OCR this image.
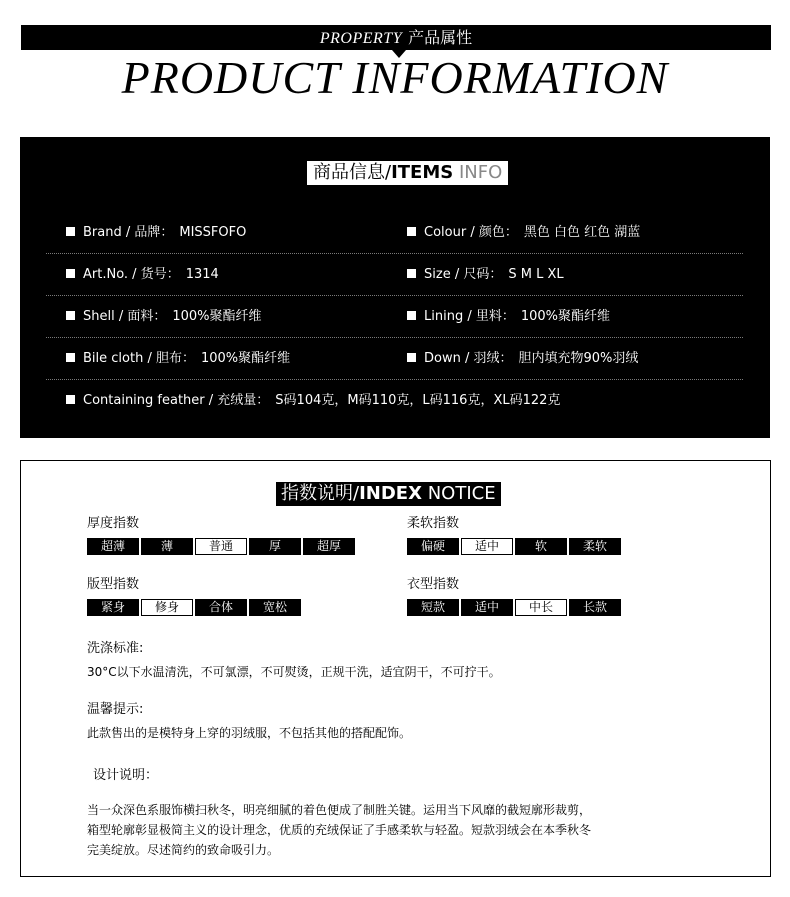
PROPERTY 产品属性
PRODUCT INFORMATION
商品信息/ITEMS INFO
Brand / 品牌： MISSFOFO	Colour / 颜色： 黑色 白色 红色 湖蓝
Art.No. / 货号： 1314	Size / 尺码： S M L XL
Shell / 面料： 100%聚酯纤维	Lining / 里料： 100%聚酯纤维
Bile cloth / 胆布： 100%聚酯纤维	Down / 羽绒： 胆内填充物90%羽绒
Containing feather / 充绒量： S码104克，M码110克，L码116克，XL码122克
指数说明/INDEX NOTICE
厚度指数
超薄	薄	普通	厚	超厚
柔软指数
偏硬	适中	软	柔软
版型指数
紧身	修身	合体	宽松
衣型指数
短款	适中	中长	长款
洗涤标准:
30°C以下水温清洗，不可氯漂，不可熨烫，正规干洗，适宜阴干，不可拧干。
温馨提示:
此款售出的是模特身上穿的羽绒服，不包括其他的搭配配饰。
设计说明：
当一众深色系服饰横扫秋冬，明亮细腻的着色便成了制胜关键。运用当下风靡的截短廓形裁剪，
箱型轮廓彰显极简主义的设计理念，优质的充绒保证了手感柔软与轻盈。短款羽绒会在本季秋冬
完美绽放。尽述简约的致命吸引力。
